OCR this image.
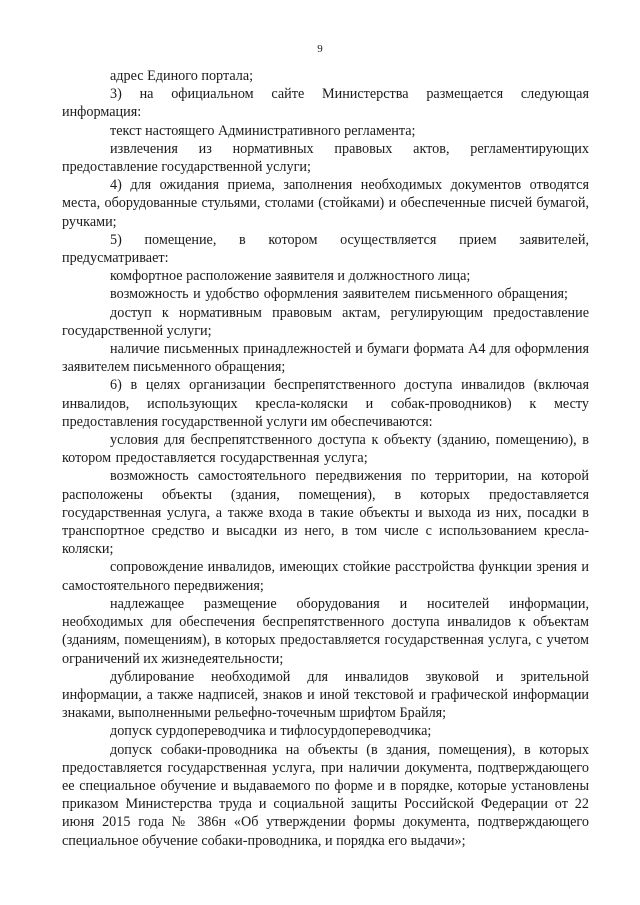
9

адрес Единого портала;

3) на официальном сайте Министерства размещается следующая информация:

текст настоящего Административного регламента;

извлечения из нормативных правовых актов, регламентирующих предоставление государственной услуги;

4) для ожидания приема, заполнения необходимых документов отводятся места, оборудованные стульями, столами (стойками) и обеспеченные писчей бумагой, ручками;

5) помещение, в котором осуществляется прием заявителей, предусматривает:

комфортное расположение заявителя и должностного лица;

возможность и удобство оформления заявителем письменного обращения;

доступ к нормативным правовым актам, регулирующим предоставление государственной услуги;

наличие письменных принадлежностей и бумаги формата А4 для оформления заявителем письменного обращения;

6) в целях организации беспрепятственного доступа инвалидов (включая инвалидов, использующих кресла-коляски и собак-проводников) к месту предоставления государственной услуги им обеспечиваются:

условия для беспрепятственного доступа к объекту (зданию, помещению), в котором предоставляется государственная услуга;

возможность самостоятельного передвижения по территории, на которой расположены объекты (здания, помещения), в которых предоставляется государственная услуга, а также входа в такие объекты и выхода из них, посадки в транспортное средство и высадки из него, в том числе с использованием кресла-коляски;

сопровождение инвалидов, имеющих стойкие расстройства функции зрения и самостоятельного передвижения;

надлежащее размещение оборудования и носителей информации, необходимых для обеспечения беспрепятственного доступа инвалидов к объектам (зданиям, помещениям), в которых предоставляется государственная услуга, с учетом ограничений их жизнедеятельности;

дублирование необходимой для инвалидов звуковой и зрительной информации, а также надписей, знаков и иной текстовой и графической информации знаками, выполненными рельефно-точечным шрифтом Брайля;

допуск сурдопереводчика и тифлосурдопереводчика;

допуск собаки-проводника на объекты (в здания, помещения), в которых предоставляется государственная услуга, при наличии документа, подтверждающего ее специальное обучение и выдаваемого по форме и в порядке, которые установлены приказом Министерства труда и социальной защиты Российской Федерации от 22 июня 2015 года № 386н «Об утверждении формы документа, подтверждающего специальное обучение собаки-проводника, и порядка его выдачи»;
